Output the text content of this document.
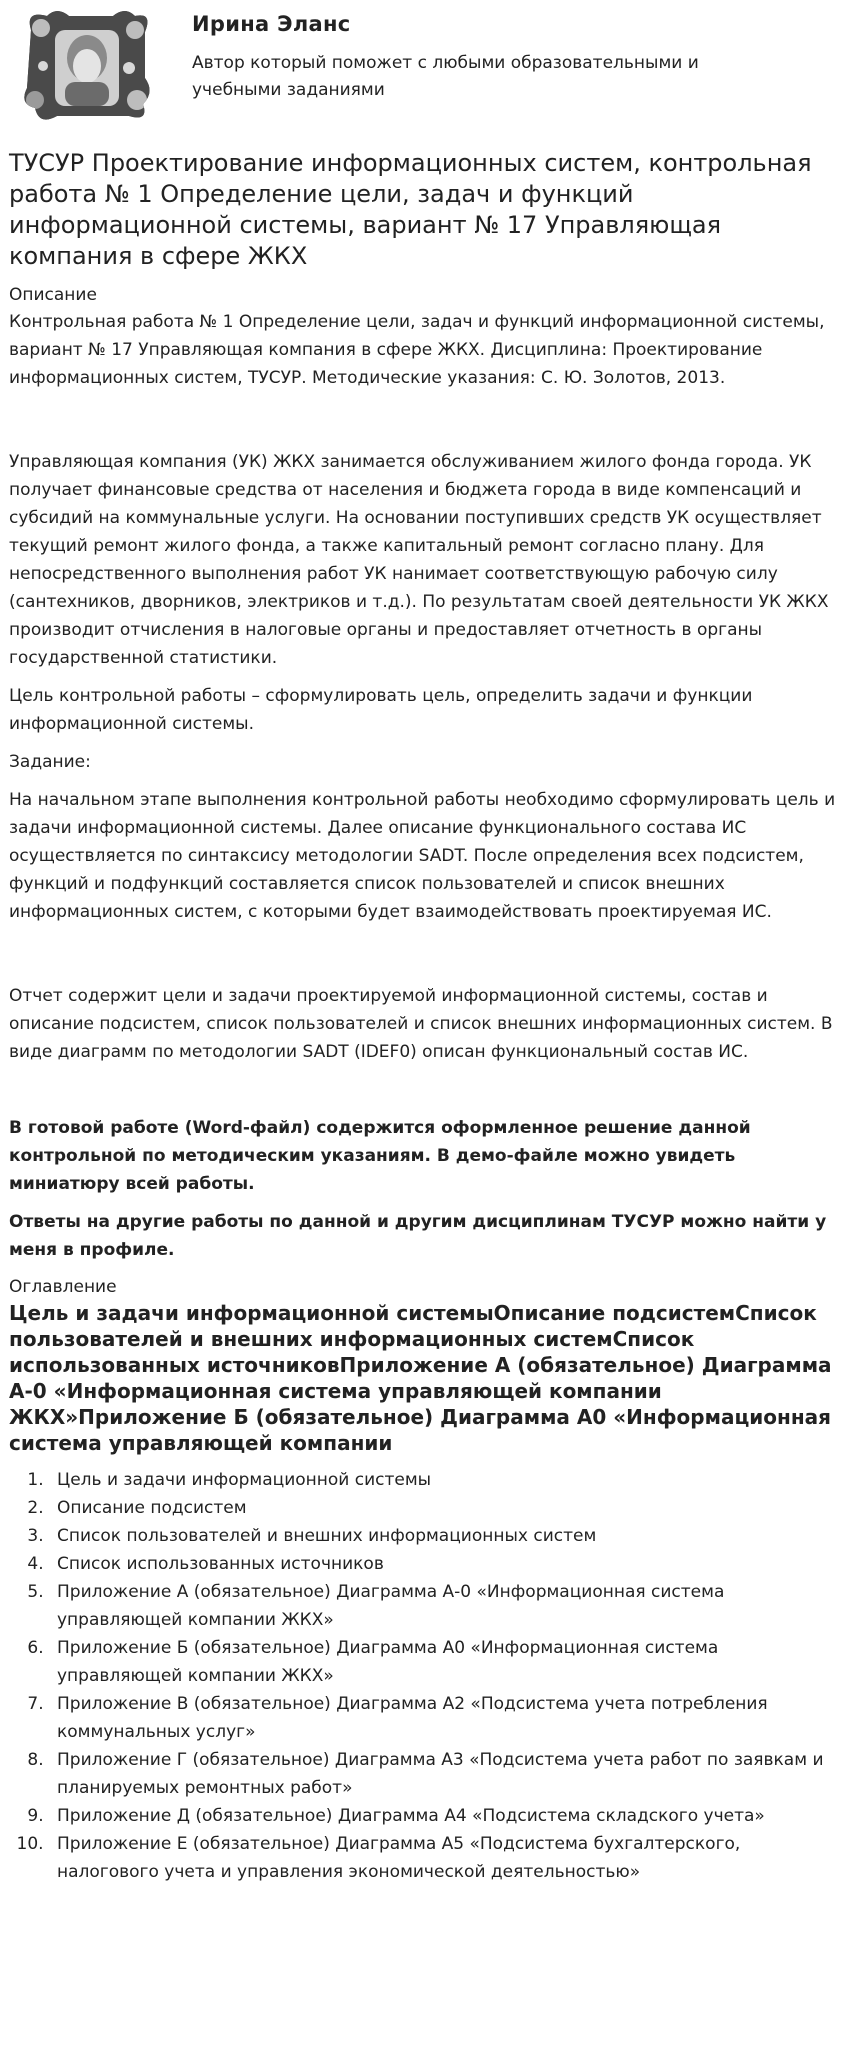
Ирина Эланс
Автор который поможет с любыми образовательными и учебными заданиями
ТУСУР Проектирование информационных систем, контрольная работа № 1 Определение цели, задач и функций информационной системы, вариант № 17 Управляющая компания в сфере ЖКХ
Описание

Контрольная работа № 1 Определение цели, задач и функций информационной системы, вариант № 17 Управляющая компания в сфере ЖКХ. Дисциплина: Проектирование информационных систем, ТУСУР. Методические указания: С. Ю. Золотов, 2013.

Управляющая компания (УК) ЖКХ занимается обслуживанием жилого фонда города. УК получает финансовые средства от населения и бюджета города в виде компенсаций и субсидий на коммунальные услуги. На основании поступивших средств УК осуществляет текущий ремонт жилого фонда, а также капитальный ремонт согласно плану. Для непосредственного выполнения работ УК нанимает соответствующую рабочую силу (сантехников, дворников, электриков и т.д.). По результатам своей деятельности УК ЖКХ производит отчисления в налоговые органы и предоставляет отчетность в органы государственной статистики.

Цель контрольной работы – сформулировать цель, определить задачи и функции информационной системы.

Задание:

На начальном этапе выполнения контрольной работы необходимо сформулировать цель и задачи информационной системы. Далее описание функционального состава ИС осуществляется по синтаксису методологии SADT. После определения всех подсистем, функций и подфункций составляется список пользователей и список внешних информационных систем, с которыми будет взаимодействовать проектируемая ИС.

Отчет содержит цели и задачи проектируемой информационной системы, состав и описание подсистем, список пользователей и список внешних информационных систем. В виде диаграмм по методологии SADT (IDEF0) описан функциональный состав ИС.

В готовой работе (Word-файл) содержится оформленное решение данной контрольной по методическим указаниям. В демо-файле можно увидеть миниатюру всей работы.

Ответы на другие работы по данной и другим дисциплинам ТУСУР можно найти у меня в профиле.

Оглавление
Цель и задачи информационной системыОписание подсистемСписок пользователей и внешних информационных системСписок использованных источниковПриложение А (обязательное) Диаграмма А-0 «Информационная система управляющей компании ЖКХ»Приложение Б (обязательное) Диаграмма А0 «Информационная система управляющей компании
1. Цель и задачи информационной системы
2. Описание подсистем
3. Список пользователей и внешних информационных систем
4. Список использованных источников
5. Приложение А (обязательное) Диаграмма А-0 «Информационная система управляющей компании ЖКХ»
6. Приложение Б (обязательное) Диаграмма А0 «Информационная система управляющей компании ЖКХ»
7. Приложение В (обязательное) Диаграмма А2 «Подсистема учета потребления коммунальных услуг»
8. Приложение Г (обязательное) Диаграмма А3 «Подсистема учета работ по заявкам и планируемых ремонтных работ»
9. Приложение Д (обязательное) Диаграмма А4 «Подсистема складского учета»
10. Приложение Е (обязательное) Диаграмма А5 «Подсистема бухгалтерского, налогового учета и управления экономической деятельностью»
